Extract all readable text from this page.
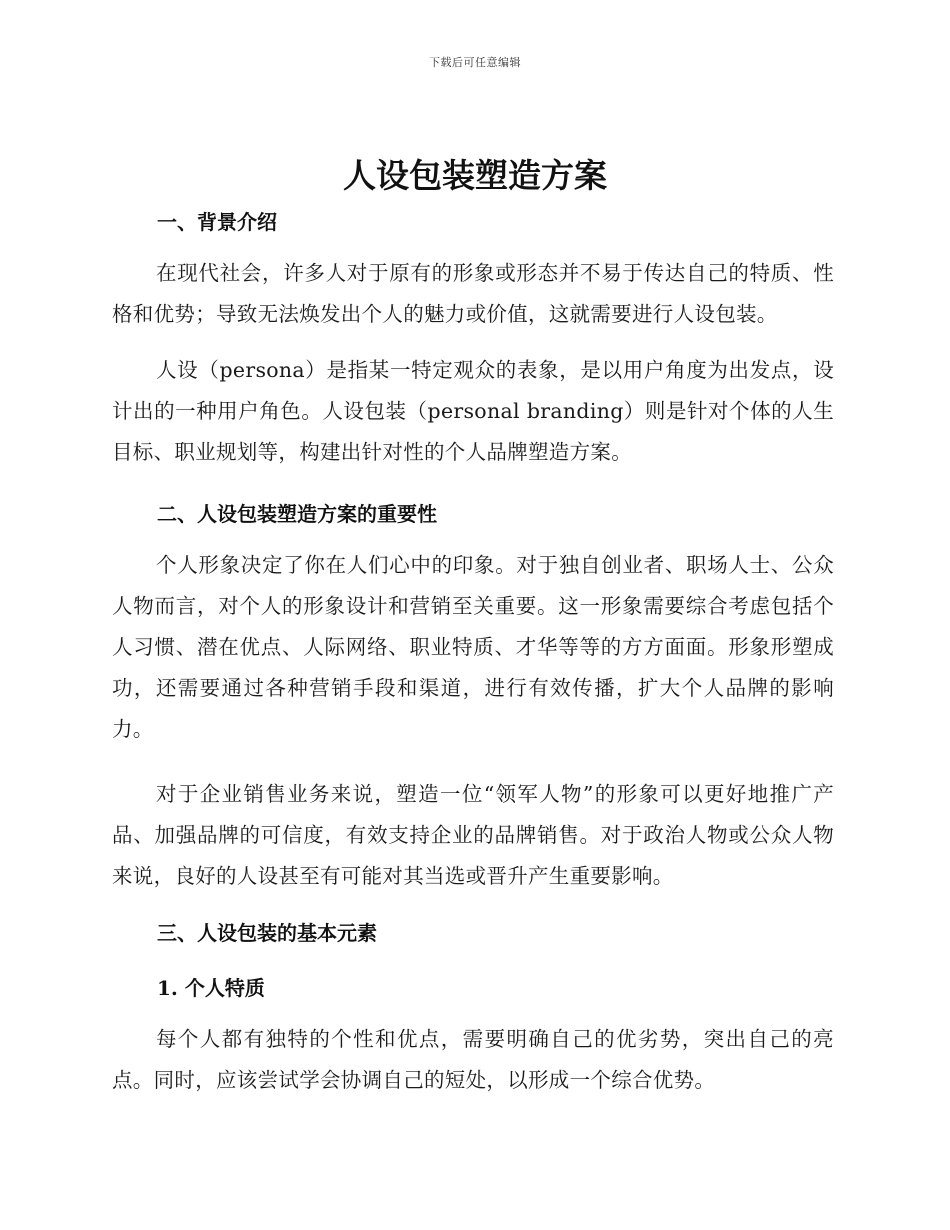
下载后可任意编辑
人设包装塑造方案
一、背景介绍
在现代社会，许多人对于原有的形象或形态并不易于传达自己的特质、性格和优势；导致无法焕发出个人的魅力或价值，这就需要进行人设包装。
人设（persona）是指某一特定观众的表象，是以用户角度为出发点，设计出的一种用户角色。人设包装（personal branding）则是针对个体的人生目标、职业规划等，构建出针对性的个人品牌塑造方案。
二、人设包装塑造方案的重要性
个人形象决定了你在人们心中的印象。对于独自创业者、职场人士、公众人物而言，对个人的形象设计和营销至关重要。这一形象需要综合考虑包括个人习惯、潜在优点、人际网络、职业特质、才华等等的方方面面。形象形塑成功，还需要通过各种营销手段和渠道，进行有效传播，扩大个人品牌的影响力。
对于企业销售业务来说，塑造一位“领军人物”的形象可以更好地推广产品、加强品牌的可信度，有效支持企业的品牌销售。对于政治人物或公众人物来说，良好的人设甚至有可能对其当选或晋升产生重要影响。
三、人设包装的基本元素
1. 个人特质
每个人都有独特的个性和优点，需要明确自己的优劣势，突出自己的亮点。同时，应该尝试学会协调自己的短处，以形成一个综合优势。
